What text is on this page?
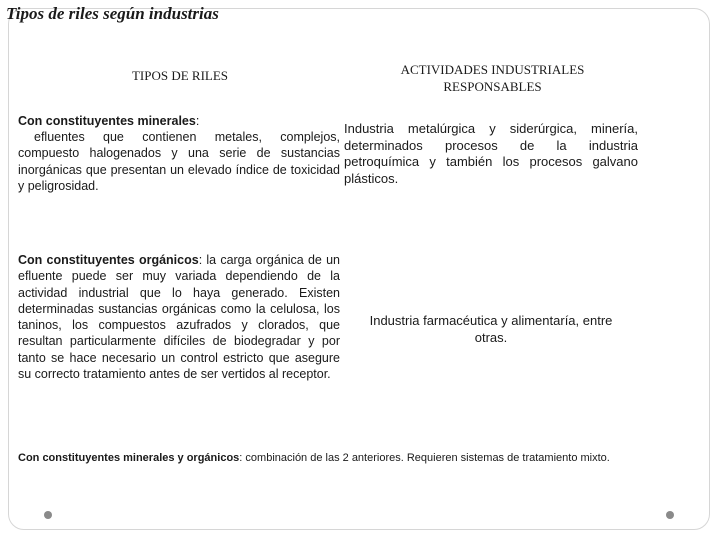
Tipos de riles según industrias
TIPOS DE RILES	ACTIVIDADES INDUSTRIALES RESPONSABLES
Con constituyentes minerales:
efluentes que contienen metales, complejos, compuesto halogenados y una serie de sustancias inorgánicas que presentan un elevado índice de toxicidad y peligrosidad.
Industria metalúrgica y siderúrgica, minería, determinados procesos de la industria petroquímica y también los procesos galvano plásticos.
Con constituyentes orgánicos: la carga orgánica de un efluente puede ser muy variada dependiendo de la actividad industrial que lo haya generado. Existen determinadas sustancias orgánicas como la celulosa, los taninos, los compuestos azufrados y clorados, que resultan particularmente difíciles de biodegradar y por tanto se hace necesario un control estricto que asegure su correcto tratamiento antes de ser vertidos al receptor.
Industria farmacéutica y alimentaría, entre otras.
Con constituyentes minerales y orgánicos: combinación de las 2 anteriores. Requieren sistemas de tratamiento mixto.
